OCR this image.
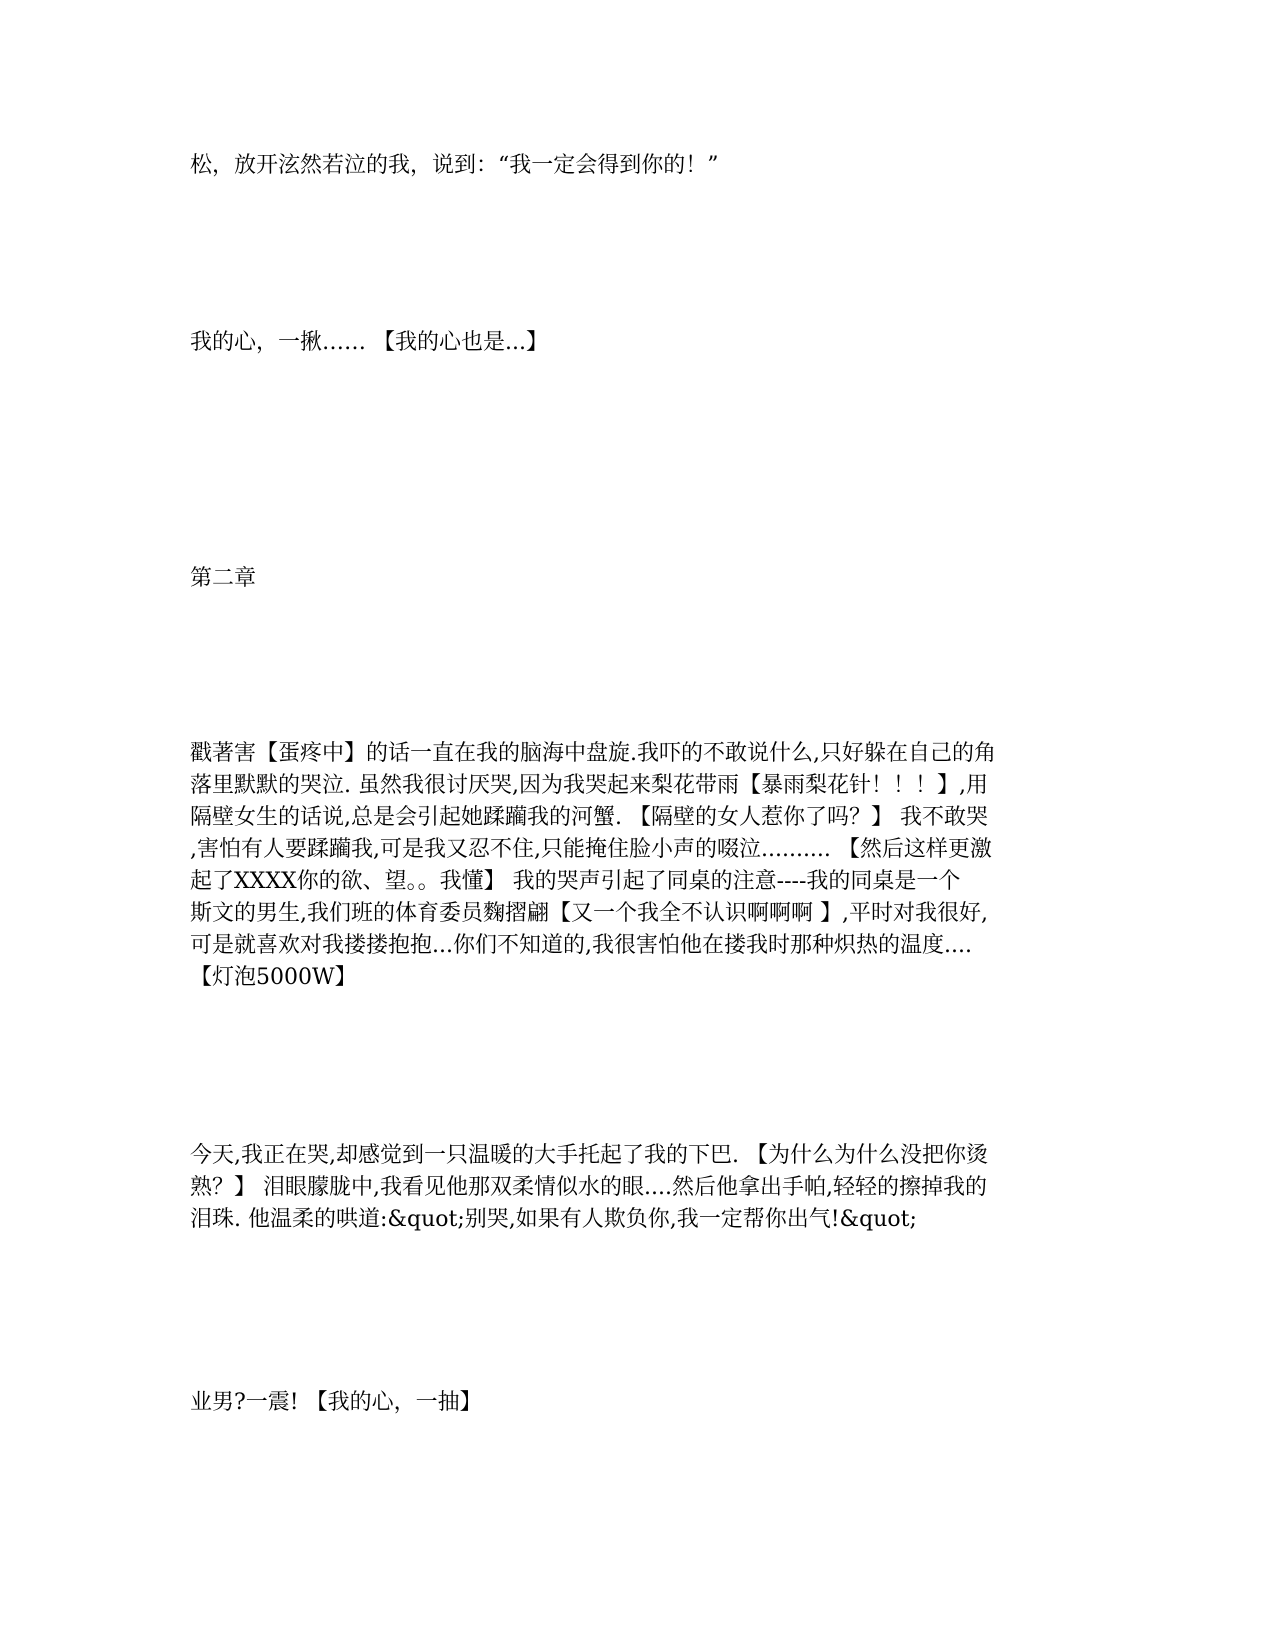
松，放开泫然若泣的我，说到：“我一定会得到你的！”

我的心，一揪…… 【我的心也是...】

第二章

戳著害【蛋疼中】的话一直在我的脑海中盘旋.我吓的不敢说什么,只好躲在自己的角
落里默默的哭泣. 虽然我很讨厌哭,因为我哭起来梨花带雨【暴雨梨花针！！！】,用
隔壁女生的话说,总是会引起她蹂躏我的河蟹. 【隔壁的女人惹你了吗？】 我不敢哭
,害怕有人要蹂躏我,可是我又忍不住,只能掩住脸小声的啜泣.......... 【然后这样更激
起了XXXX你的欲、望。。我懂】 我的哭声引起了同桌的注意----我的同桌是一个
斯文的男生,我们班的体育委员麴摺翩【又一个我全不认识啊啊啊 】,平时对我很好,
可是就喜欢对我搂搂抱抱...你们不知道的,我很害怕他在搂我时那种炽热的温度....
【灯泡5000W】

今天,我正在哭,却感觉到一只温暖的大手托起了我的下巴. 【为什么为什么没把你烫
熟？】 泪眼朦胧中,我看见他那双柔情似水的眼....然后他拿出手帕,轻轻的擦掉我的
泪珠. 他温柔的哄道:&quot;别哭,如果有人欺负你,我一定帮你出气!&quot;

业男?一震! 【我的心，一抽】
